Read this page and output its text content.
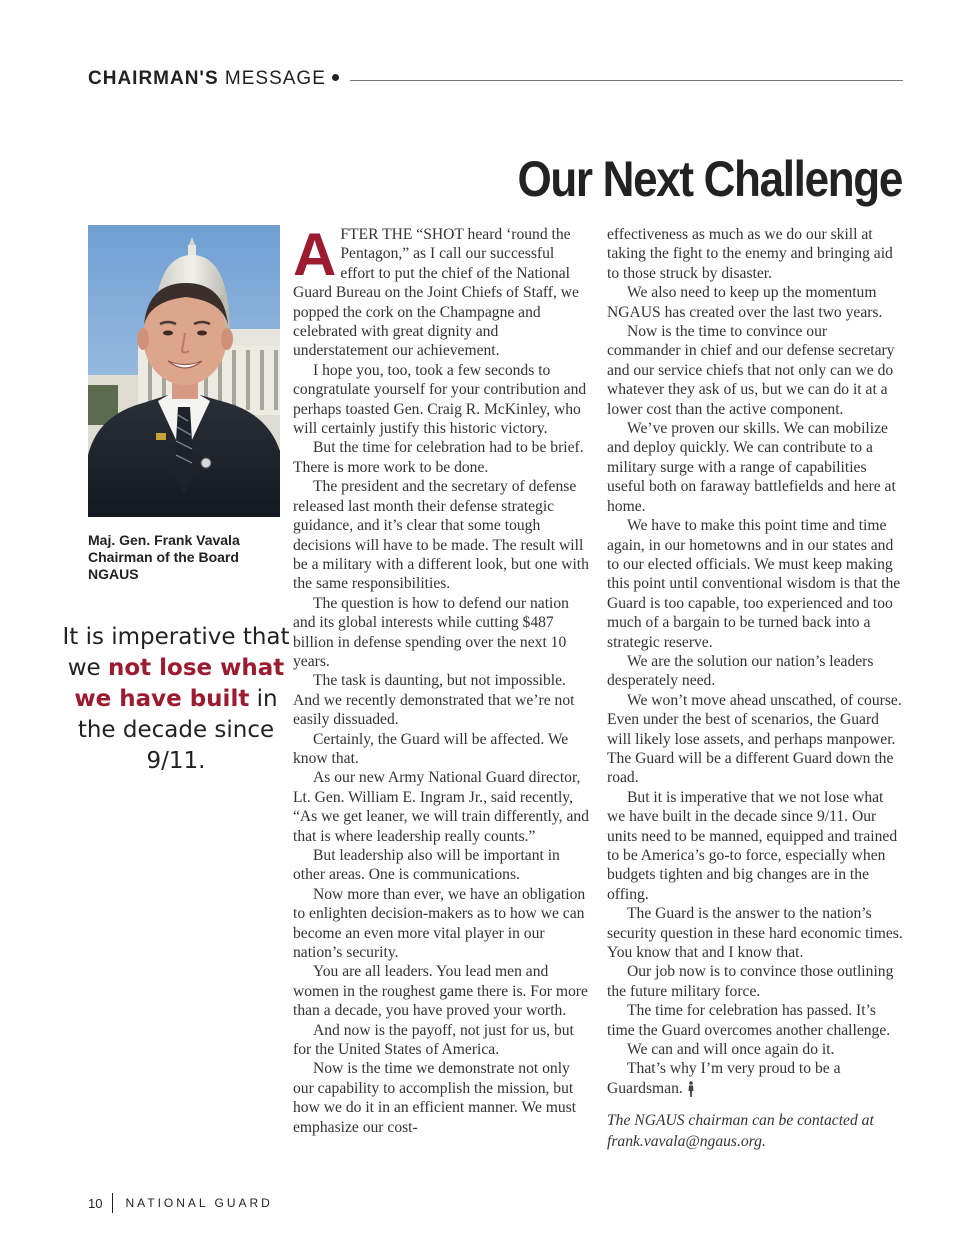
CHAIRMAN'S MESSAGE
Our Next Challenge
Maj. Gen. Frank Vavala
Chairman of the Board
NGAUS
It is imperative that we not lose what we have built in the decade since 9/11.

AFTER THE “SHOT heard ‘round the Pentagon,” as I call our successful effort to put the chief of the National Guard Bureau on the Joint Chiefs of Staff, we popped the cork on the Champagne and celebrated with great dignity and understatement our achievement.

I hope you, too, took a few seconds to congratulate yourself for your contribution and perhaps toasted Gen. Craig R. McKinley, who will certainly justify this historic victory.

But the time for celebration had to be brief. There is more work to be done.

The president and the secretary of defense released last month their defense strategic guidance, and it’s clear that some tough decisions will have to be made. The result will be a military with a different look, but one with the same responsibilities.

The question is how to defend our nation and its global interests while cutting $487 billion in defense spending over the next 10 years.

The task is daunting, but not impossible. And we recently demonstrated that we’re not easily dissuaded.

Certainly, the Guard will be affected. We know that.

As our new Army National Guard director, Lt. Gen. William E. Ingram Jr., said recently, “As we get leaner, we will train differently, and that is where leadership really counts.”

But leadership also will be important in other areas. One is communications.

Now more than ever, we have an obligation to enlighten decision-makers as to how we can become an even more vital player in our nation’s security.

You are all leaders. You lead men and women in the roughest game there is. For more than a decade, you have proved your worth.

And now is the payoff, not just for us, but for the United States of America.

Now is the time we demonstrate not only our capability to accomplish the mission, but how we do it in an efficient manner. We must emphasize our cost-

effectiveness as much as we do our skill at taking the fight to the enemy and bringing aid to those struck by disaster.

We also need to keep up the momentum NGAUS has created over the last two years.

Now is the time to convince our commander in chief and our defense secretary and our service chiefs that not only can we do whatever they ask of us, but we can do it at a lower cost than the active component.

We’ve proven our skills. We can mobilize and deploy quickly. We can contribute to a military surge with a range of capabilities useful both on faraway battlefields and here at home.

We have to make this point time and time again, in our hometowns and in our states and to our elected officials. We must keep making this point until conventional wisdom is that the Guard is too capable, too experienced and too much of a bargain to be turned back into a strategic reserve.

We are the solution our nation’s leaders desperately need.

We won’t move ahead unscathed, of course. Even under the best of scenarios, the Guard will likely lose assets, and perhaps manpower. The Guard will be a different Guard down the road.

But it is imperative that we not lose what we have built in the decade since 9/11. Our units need to be manned, equipped and trained to be America’s go-to force, especially when budgets tighten and big changes are in the offing.

The Guard is the answer to the nation’s security question in these hard economic times. You know that and I know that.

Our job now is to convince those outlining the future military force.

The time for celebration has passed. It’s time the Guard overcomes another challenge.

We can and will once again do it.

That’s why I’m very proud to be a Guardsman.

The NGAUS chairman can be contacted at frank.vavala@ngaus.org.

10 NATIONAL GUARD
